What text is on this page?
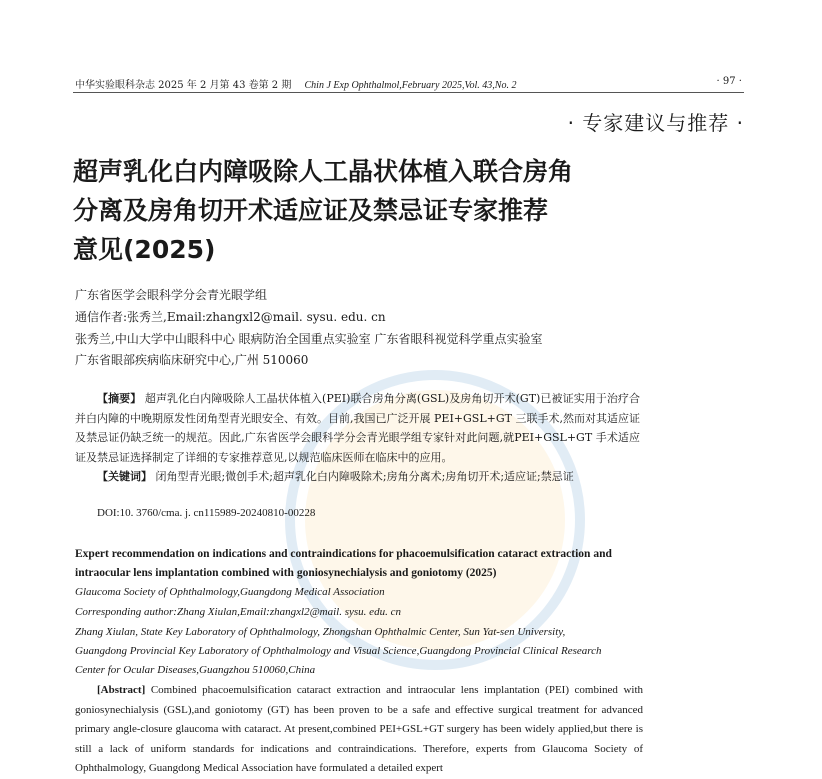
中华实验眼科杂志 2025 年 2 月第 43 卷第 2 期 Chin J Exp Ophthalmol,February 2025,Vol. 43,No. 2	· 97 ·
· 专家建议与推荐 ·
超声乳化白内障吸除人工晶状体植入联合房角
分离及房角切开术适应证及禁忌证专家推荐
意见(2025)
广东省医学会眼科学分会青光眼学组
通信作者:张秀兰,Email:zhangxl2@mail. sysu. edu. cn
张秀兰,中山大学中山眼科中心 眼病防治全国重点实验室 广东省眼科视觉科学重点实验室
广东省眼部疾病临床研究中心,广州 510060
【摘要】 超声乳化白内障吸除人工晶状体植入(PEI)联合房角分离(GSL)及房角切开术(GT)已被证实用于治疗合并白内障的中晚期原发性闭角型青光眼安全、有效。目前,我国已广泛开展 PEI+GSL+GT 三联手术,然而对其适应证及禁忌证仍缺乏统一的规范。因此,广东省医学会眼科学分会青光眼学组专家针对此问题,就PEI+GSL+GT 手术适应证及禁忌证选择制定了详细的专家推荐意见,以规范临床医师在临床中的应用。
【关键词】 闭角型青光眼;微创手术;超声乳化白内障吸除术;房角分离术;房角切开术;适应证;禁忌证
DOI:10. 3760/cma. j. cn115989-20240810-00228
Expert recommendation on indications and contraindications for phacoemulsification cataract extraction and intraocular lens implantation combined with goniosynechialysis and goniotomy (2025)
Glaucoma Society of Ophthalmology,Guangdong Medical Association
Corresponding author:Zhang Xiulan,Email:zhangxl2@mail. sysu. edu. cn
Zhang Xiulan, State Key Laboratory of Ophthalmology, Zhongshan Ophthalmic Center, Sun Yat-sen University,
Guangdong Provincial Key Laboratory of Ophthalmology and Visual Science,Guangdong Provincial Clinical Research
Center for Ocular Diseases,Guangzhou 510060,China
[Abstract] Combined phacoemulsification cataract extraction and intraocular lens implantation (PEI) combined with goniosynechialysis (GSL),and goniotomy (GT) has been proven to be a safe and effective surgical treatment for advanced primary angle-closure glaucoma with cataract. At present,combined PEI+GSL+GT surgery has been widely applied,but there is still a lack of uniform standards for indications and contraindications. Therefore, experts from Glaucoma Society of Ophthalmology, Guangdong Medical Association have formulated a detailed expert
